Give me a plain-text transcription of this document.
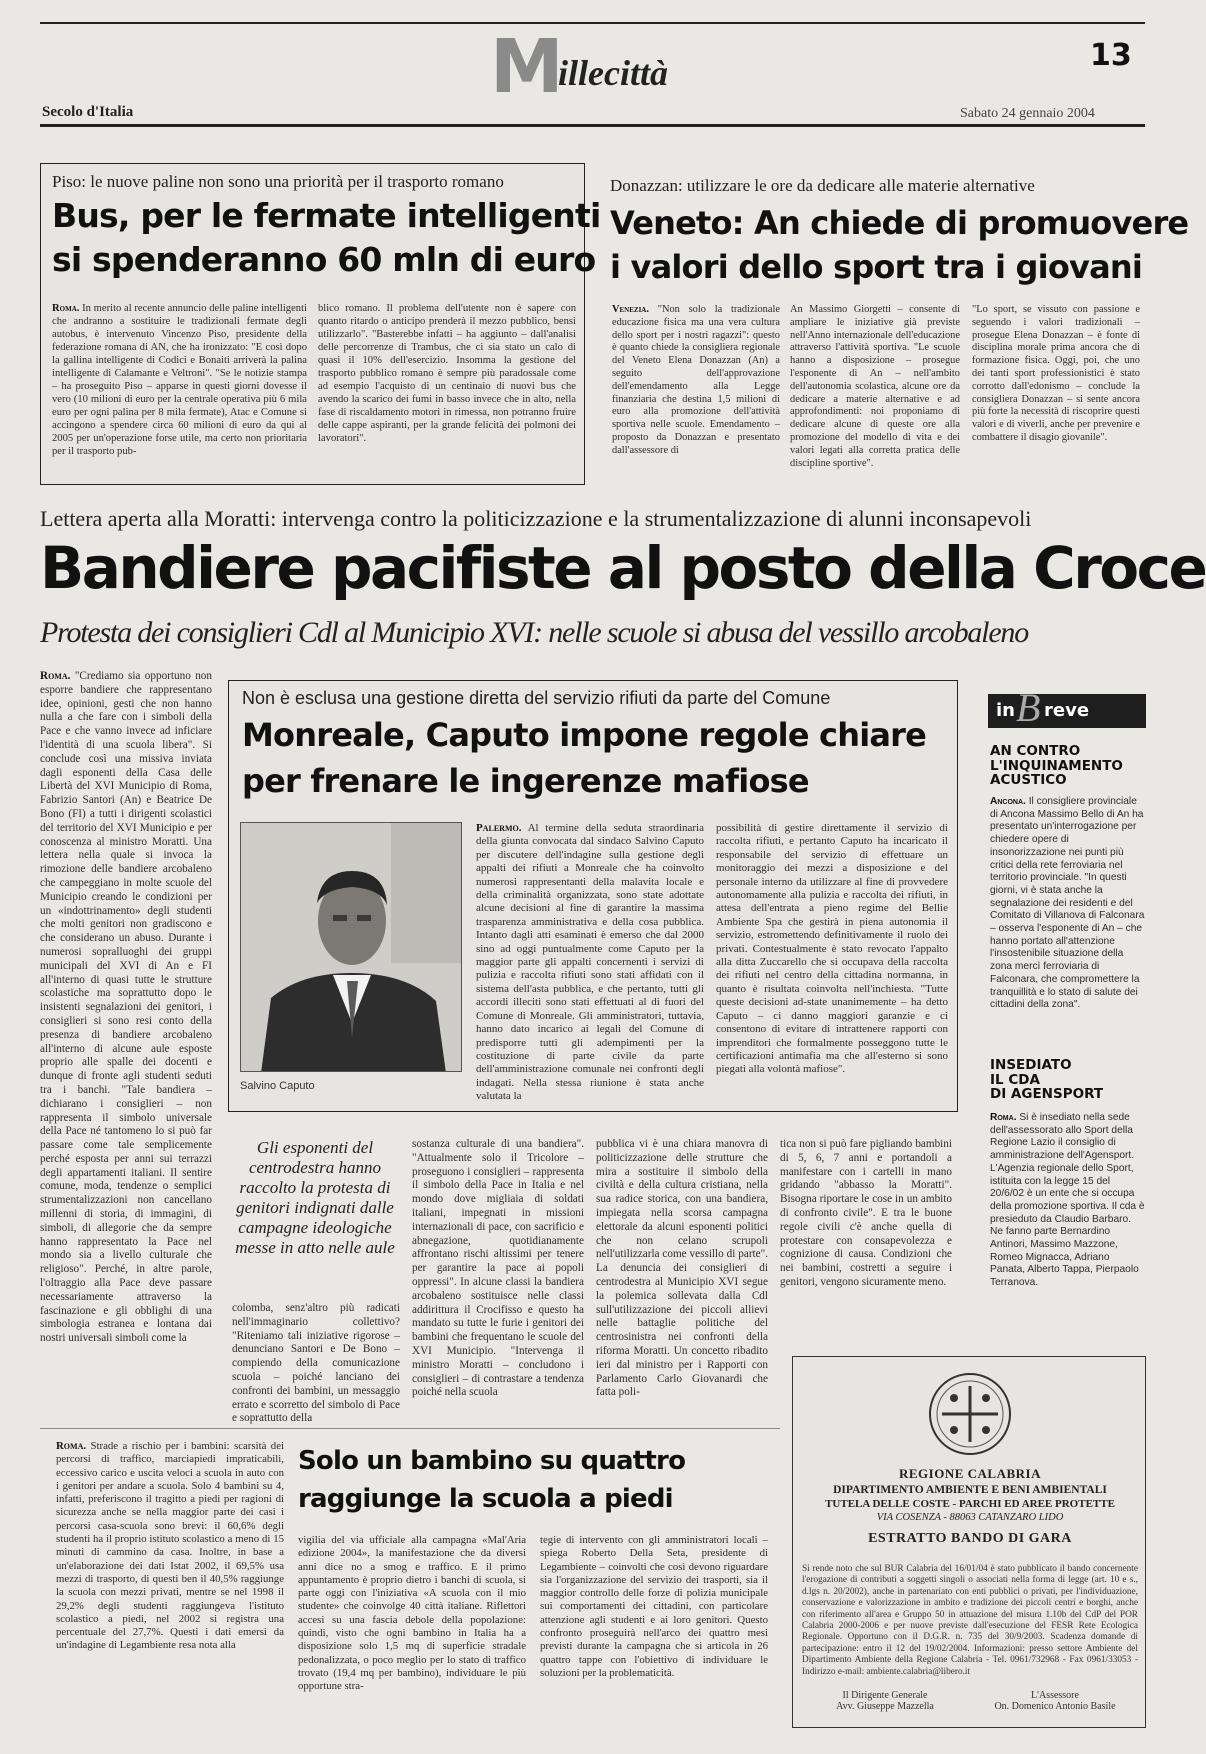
M
illecittà	13
Secolo d'Italia	Sabato 24 gennaio 2004
Piso: le nuove paline non sono una priorità per il trasporto romano
Bus, per le fermate intelligenti
si spenderanno 60 mln di euro
Roma. In merito al recente annuncio delle paline intelligenti che andranno a sostituire le tradizionali fermate degli autobus, è intervenuto Vincenzo Piso, presidente della federazione romana di AN, che ha ironizzato: "E così dopo la gallina intelligente di Codici e Bonaiti arriverà la palina intelligente di Calamante e Veltroni". "Se le notizie stampa – ha proseguito Piso – apparse in questi giorni dovesse il vero (10 milioni di euro per la centrale operativa più 6 mila euro per ogni palina per 8 mila fermate), Atac e Comune si accingono a spendere circa 60 milioni di euro da qui al 2005 per un'operazione forse utile, ma certo non prioritaria per il trasporto pub-
blico romano. Il problema dell'utente non è sapere con quanto ritardo o anticipo prenderà il mezzo pubblico, bensì utilizzarlo". "Basterebbe infatti – ha aggiunto – dall'analisi delle percorrenze di Trambus, che ci sia stato un calo di quasi il 10% dell'esercizio. Insomma la gestione del trasporto pubblico romano è sempre più paradossale come ad esempio l'acquisto di un centinaio di nuovi bus che avendo la scarico dei fumi in basso invece che in alto, nella fase di riscaldamento motori in rimessa, non potranno fruire delle cappe aspiranti, per la grande felicità dei polmoni dei lavoratori".
Donazzan: utilizzare le ore da dedicare alle materie alternative
Veneto: An chiede di promuovere
i valori dello sport tra i giovani
Venezia. "Non solo la tradizionale educazione fisica ma una vera cultura dello sport per i nostri ragazzi": questo è quanto chiede la consigliera regionale del Veneto Elena Donazzan (An) a seguito dell'approvazione dell'emendamento alla Legge finanziaria che destina 1,5 milioni di euro alla promozione dell'attività sportiva nelle scuole. Emendamento – proposto da Donazzan e presentato dall'assessore di
An Massimo Giorgetti – consente di ampliare le iniziative già previste nell'Anno internazionale dell'educazione attraverso l'attività sportiva. "Le scuole hanno a disposizione – prosegue l'esponente di An – nell'ambito dell'autonomia scolastica, alcune ore da dedicare a materie alternative e ad approfondimenti: noi proponiamo di dedicare alcune di queste ore alla promozione del modello di vita e dei valori legati alla corretta pratica delle discipline sportive".
"Lo sport, se vissuto con passione e seguendo i valori tradizionali – prosegue Elena Donazzan – è fonte di disciplina morale prima ancora che di formazione fisica. Oggi, poi, che uno dei tanti sport professionistici è stato corrotto dall'edonismo – conclude la consigliera Donazzan – si sente ancora più forte la necessità di riscoprire questi valori e di viverli, anche per prevenire e combattere il disagio giovanile".
Lettera aperta alla Moratti: intervenga contro la politicizzazione e la strumentalizzazione di alunni inconsapevoli
Bandiere pacifiste al posto della Croce
Protesta dei consiglieri Cdl al Municipio XVI: nelle scuole si abusa del vessillo arcobaleno
Roma. "Crediamo sia opportuno non esporre bandiere che rappresentano idee, opinioni, gesti che non hanno nulla a che fare con i simboli della Pace e che vanno invece ad inficiare l'identità di una scuola libera". Si conclude così una missiva inviata dagli esponenti della Casa delle Libertà del XVI Municipio di Roma, Fabrizio Santori (An) e Beatrice De Bono (FI) a tutti i dirigenti scolastici del territorio del XVI Municipio e per conoscenza al ministro Moratti. Una lettera nella quale si invoca la rimozione delle bandiere arcobaleno che campeggiano in molte scuole del Municipio creando le condizioni per un «indottrinamento» degli studenti che molti genitori non gradiscono e che considerano un abuso. Durante i numerosi sopralluoghi dei gruppi municipali del XVI di An e FI all'interno di quasi tutte le strutture scolastiche ma soprattutto dopo le insistenti segnalazioni dei genitori, i consiglieri si sono resi conto della presenza di bandiere arcobaleno all'interno di alcune aule esposte proprio alle spalle dei docenti e dunque di fronte agli studenti seduti tra i banchi. "Tale bandiera – dichiarano i consiglieri – non rappresenta il simbolo universale della Pace né tantomeno lo si può far passare come tale semplicemente perché esposta per anni sui terrazzi degli appartamenti italiani. Il sentire comune, moda, tendenze o semplici strumentalizzazioni non cancellano millenni di storia, di immagini, di simboli, di allegorie che da sempre hanno rappresentato la Pace nel mondo sia a livello culturale che religioso". Perché, in altre parole, l'oltraggio alla Pace deve passare necessariamente attraverso la fascinazione e gli obblighi di una simbologia estranea e lontana dai nostri universali simboli come la
Gli esponenti del centrodestra hanno raccolto la protesta di genitori indignati dalle campagne ideologiche messe in atto nelle aule
colomba, senz'altro più radicati nell'immaginario collettivo? "Riteniamo tali iniziative rigorose – denunciano Santori e De Bono – compiendo della comunicazione scuola – poiché lanciano dei confronti dei bambini, un messaggio errato e scorretto del simbolo di Pace e soprattutto della
sostanza culturale di una bandiera". "Attualmente solo il Tricolore – proseguono i consiglieri – rappresenta il simbolo della Pace in Italia e nel mondo dove migliaia di soldati italiani, impegnati in missioni internazionali di pace, con sacrificio e abnegazione, quotidianamente affrontano rischi altissimi per tenere per garantire la pace ai popoli oppressi". In alcune classi la bandiera arcobaleno sostituisce nelle classi addirittura il Crocifisso e questo ha mandato su tutte le furie i genitori dei bambini che frequentano le scuole del XVI Municipio. "Intervenga il ministro Moratti – concludono i consiglieri – di contrastare a tendenza poiché nella scuola
pubblica vi è una chiara manovra di politicizzazione delle strutture che mira a sostituire il simbolo della civiltà e della cultura cristiana, nella sua radice storica, con una bandiera, impiegata nella scorsa campagna elettorale da alcuni esponenti politici che non celano scrupoli nell'utilizzarla come vessillo di parte". La denuncia dei consiglieri di centrodestra al Municipio XVI segue la polemica sollevata dalla Cdl sull'utilizzazione dei piccoli allievi nelle battaglie politiche del centrosinistra nei confronti della riforma Moratti. Un concetto ribadito ieri dal ministro per i Rapporti con Parlamento Carlo Giovanardi che fatta poli-
tica non si può fare pigliando bambini di 5, 6, 7 anni e portandoli a manifestare con i cartelli in mano gridando "abbasso la Moratti". Bisogna riportare le cose in un ambito di confronto civile". E tra le buone regole civili c'è anche quella di protestare con consapevolezza e cognizione di causa. Condizioni che nei bambini, costretti a seguire i genitori, vengono sicuramente meno.
Non è esclusa una gestione diretta del servizio rifiuti da parte del Comune
Monreale, Caputo impone regole chiare
per frenare le ingerenze mafiose
Salvino Caputo
Palermo. Al termine della seduta straordinaria della giunta convocata dal sindaco Salvino Caputo per discutere dell'indagine sulla gestione degli appalti dei rifiuti a Monreale che ha coinvolto numerosi rappresentanti della malavita locale e della criminalità organizzata, sono state adottate alcune decisioni al fine di garantire la massima trasparenza amministrativa e della cosa pubblica. Intanto dagli atti esaminati è emerso che dal 2000 sino ad oggi puntualmente come Caputo per la maggior parte gli appalti concernenti i servizi di pulizia e raccolta rifiuti sono stati affidati con il sistema dell'asta pubblica, e che pertanto, tutti gli accordi illeciti sono stati effettuati al di fuori del Comune di Monreale. Gli amministratori, tuttavia, hanno dato incarico ai legali del Comune di predisporre tutti gli adempimenti per la costituzione di parte civile da parte dell'amministrazione comunale nei confronti degli indagati. Nella stessa riunione è stata anche valutata la
possibilità di gestire direttamente il servizio di raccolta rifiuti, e pertanto Caputo ha incaricato il responsabile del servizio di effettuare un monitoraggio dei mezzi a disposizione e del personale interno da utilizzare al fine di provvedere autonomamente alla pulizia e raccolta dei rifiuti, in attesa dell'entrata a pieno regime del Bellie Ambiente Spa che gestirà in piena autonomia il servizio, estromettendo definitivamente il ruolo dei privati. Contestualmente è stato revocato l'appalto alla ditta Zuccarello che si occupava della raccolta dei rifiuti nel centro della cittadina normanna, in quanto è risultata coinvolta nell'inchiesta. "Tutte queste decisioni ad-state unanimemente – ha detto Caputo – ci danno maggiori garanzie e ci consentono di evitare di intrattenere rapporti con imprenditori che formalmente posseggono tutte le certificazioni antimafia ma che all'esterno si sono piegati alla volontà mafiose".
in B reve
AN CONTRO
L'INQUINAMENTO
ACUSTICO
Ancona. Il consigliere provinciale di Ancona Massimo Bello di An ha presentato un'interrogazione per chiedere opere di insonorizzazione nei punti più critici della rete ferroviaria nel territorio provinciale. "In questi giorni, vi è stata anche la segnalazione dei residenti e del Comitato di Villanova di Falconara – osserva l'esponente di An – che hanno portato all'attenzione l'insostenibile situazione della zona mercì ferroviaria di Falconara, che compromettere la tranquillità e lo stato di salute dei cittadini della zona".
INSEDIATO
IL CDA
DI AGENSPORT
Roma. Si è insediato nella sede dell'assessorato allo Sport della Regione Lazio il consiglio di amministrazione dell'Agensport. L'Agenzia regionale dello Sport, istituita con la legge 15 del 20/6/02 è un ente che si occupa della promozione sportiva. Il cda è presieduto da Claudio Barbaro. Ne fanno parte Bernardino Antinori, Massimo Mazzone, Romeo Mignacca, Adriano Panata, Alberto Tappa, Pierpaolo Terranova.
Roma. Strade a rischio per i bambini: scarsità dei percorsi di traffico, marciapiedi impraticabili, eccessivo carico e uscita veloci a scuola in auto con i genitori per andare a scuola. Solo 4 bambini su 4, infatti, preferiscono il tragitto a piedi per ragioni di sicurezza anche se nella maggior parte dei casi i percorsi casa-scuola sono brevi: il 60,6% degli studenti ha il proprio istituto scolastico a meno di 15 minuti di cammino da casa. Inoltre, in base a un'elaborazione dei dati Istat 2002, il 69,5% usa mezzi di trasporto, di questi ben il 40,5% raggiunge la scuola con mezzi privati, mentre se nel 1998 il 29,2% degli studenti raggiungeva l'istituto scolastico a piedi, nel 2002 si registra una percentuale del 27,7%. Questi i dati emersi da un'indagine di Legambiente resa nota alla
Solo un bambino su quattro
raggiunge la scuola a piedi
vigilia del via ufficiale alla campagna «Mal'Aria edizione 2004», la manifestazione che da diversi anni dice no a smog e traffico. E il primo appuntamento è proprio dietro i banchi di scuola, si parte oggi con l'iniziativa «A scuola con il mio studente» che coinvolge 40 città italiane. Riflettori accesi su una fascia debole della popolazione: quindi, visto che ogni bambino in Italia ha a disposizione solo 1,5 mq di superficie stradale pedonalizzata, o poco meglio per lo stato di traffico trovato (19,4 mq per bambino), individuare le più opportune stra-
tegie di intervento con gli amministratori locali – spiega Roberto Della Seta, presidente di Legambiente – coinvolti che così devono riguardare sia l'organizzazione del servizio dei trasporti, sia il maggior controllo delle forze di polizia municipale sui comportamenti dei cittadini, con particolare attenzione agli studenti e ai loro genitori. Questo confronto proseguirà nell'arco dei quattro mesi previsti durante la campagna che si articola in 26 quattro tappe con l'obiettivo di individuare le soluzioni per la problematicità.
REGIONE CALABRIA
DIPARTIMENTO AMBIENTE E BENI AMBIENTALI
TUTELA DELLE COSTE - PARCHI ED AREE PROTETTE
VIA COSENZA - 88063 CATANZARO LIDO
ESTRATTO BANDO DI GARA
Si rende noto che sul BUR Calabria del 16/01/04 è stato pubblicato il bando concernente l'erogazione di contributi a soggetti singoli o associati nella forma di legge (art. 10 e s., d.lgs n. 20/2002), anche in partenariato con enti pubblici o privati, per l'individuazione, conservazione e valorizzazione in ambito e tradizione dei piccoli centri e borghi, anche con riferimento all'area e Gruppo 50 in attuazione del misura 1.10b del CdP del POR Calabria 2000-2006 e per nuove previste dall'esecuzione del FESR Rete Ecologica Regionale. Opportuno con il D.G.R. n. 735 del 30/9/2003. Scadenza domande di partecipazione: entro il 12 del 19/02/2004. Informazioni: presso settore Ambiente del Dipartimento Ambiente della Regione Calabria - Tel. 0961/732968 - Fax 0961/33053 - Indirizzo e-mail: ambiente.calabria@libero.it
Il Dirigente Generale
Avv. Giuseppe Mazzella
L'Assessore
On. Domenico Antonio Basile
